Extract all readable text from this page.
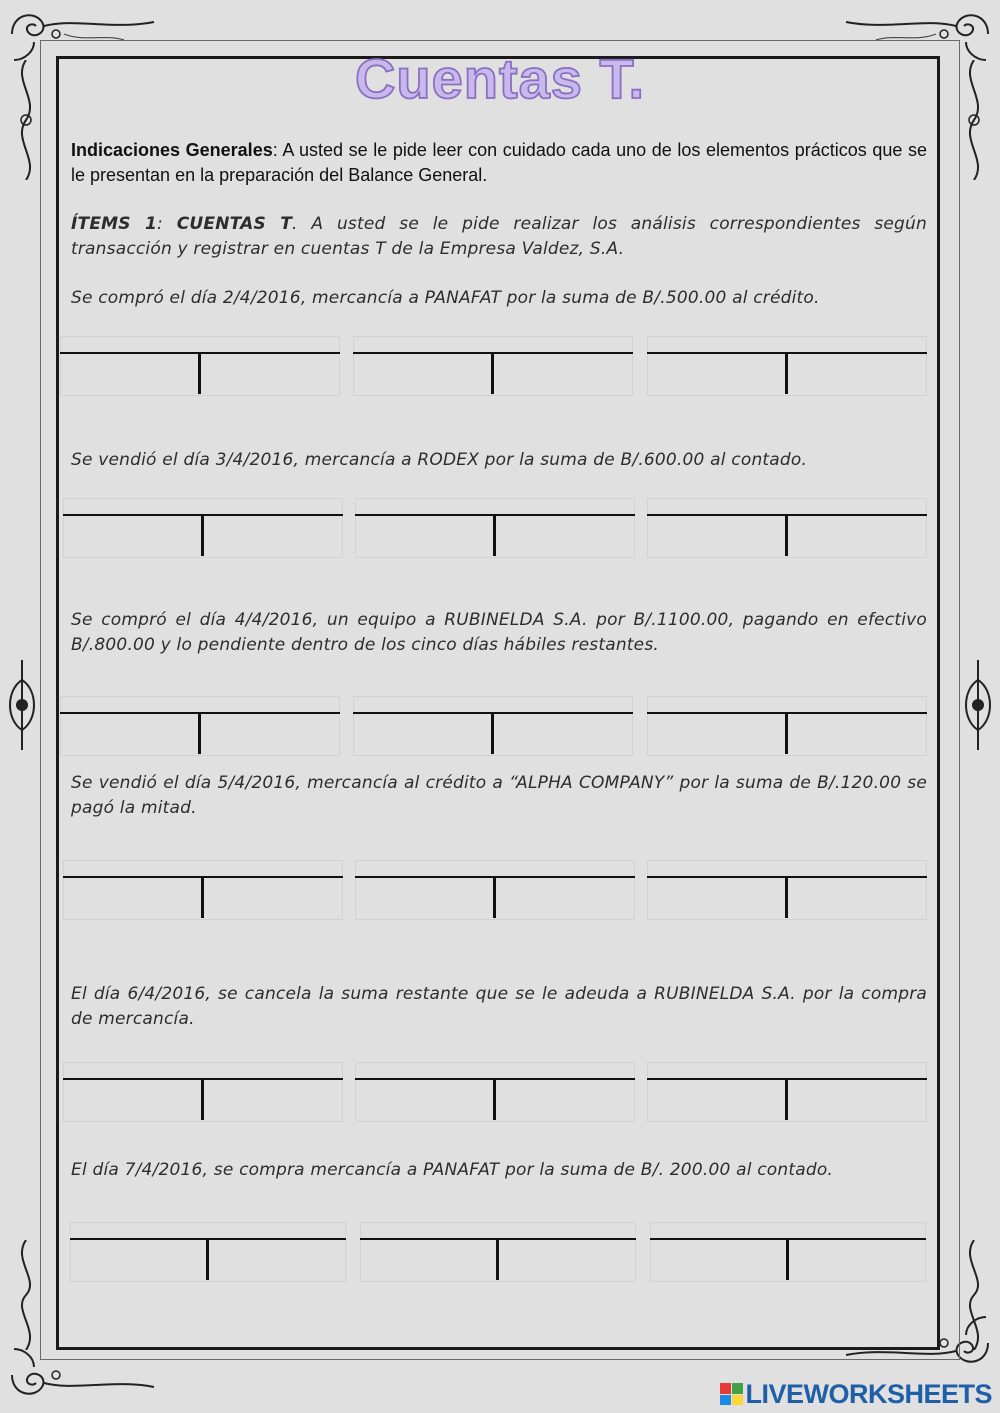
Cuentas T.

Indicaciones Generales: A usted se le pide leer con cuidado cada uno de los elementos prácticos que se le presentan en la preparación del Balance General.

ÍTEMS 1: CUENTAS T. A usted se le pide realizar los análisis correspondientes según transacción y registrar en cuentas T de la Empresa Valdez, S.A.

Se compró el día 2/4/2016, mercancía a PANAFAT por la suma de B/.500.00 al crédito.

Se vendió el día 3/4/2016, mercancía a RODEX por la suma de B/.600.00 al contado.

Se compró el día 4/4/2016, un equipo a RUBINELDA S.A. por B/.1100.00, pagando en efectivo B/.800.00 y lo pendiente dentro de los cinco días hábiles restantes.

Se vendió el día 5/4/2016, mercancía al crédito a “ALPHA COMPANY” por la suma de B/.120.00 se pagó la mitad.

El día 6/4/2016, se cancela la suma restante que se le adeuda a RUBINELDA S.A. por la compra de mercancía.

El día 7/4/2016, se compra mercancía a PANAFAT por la suma de B/. 200.00 al contado.

LIVEWORKSHEETS
